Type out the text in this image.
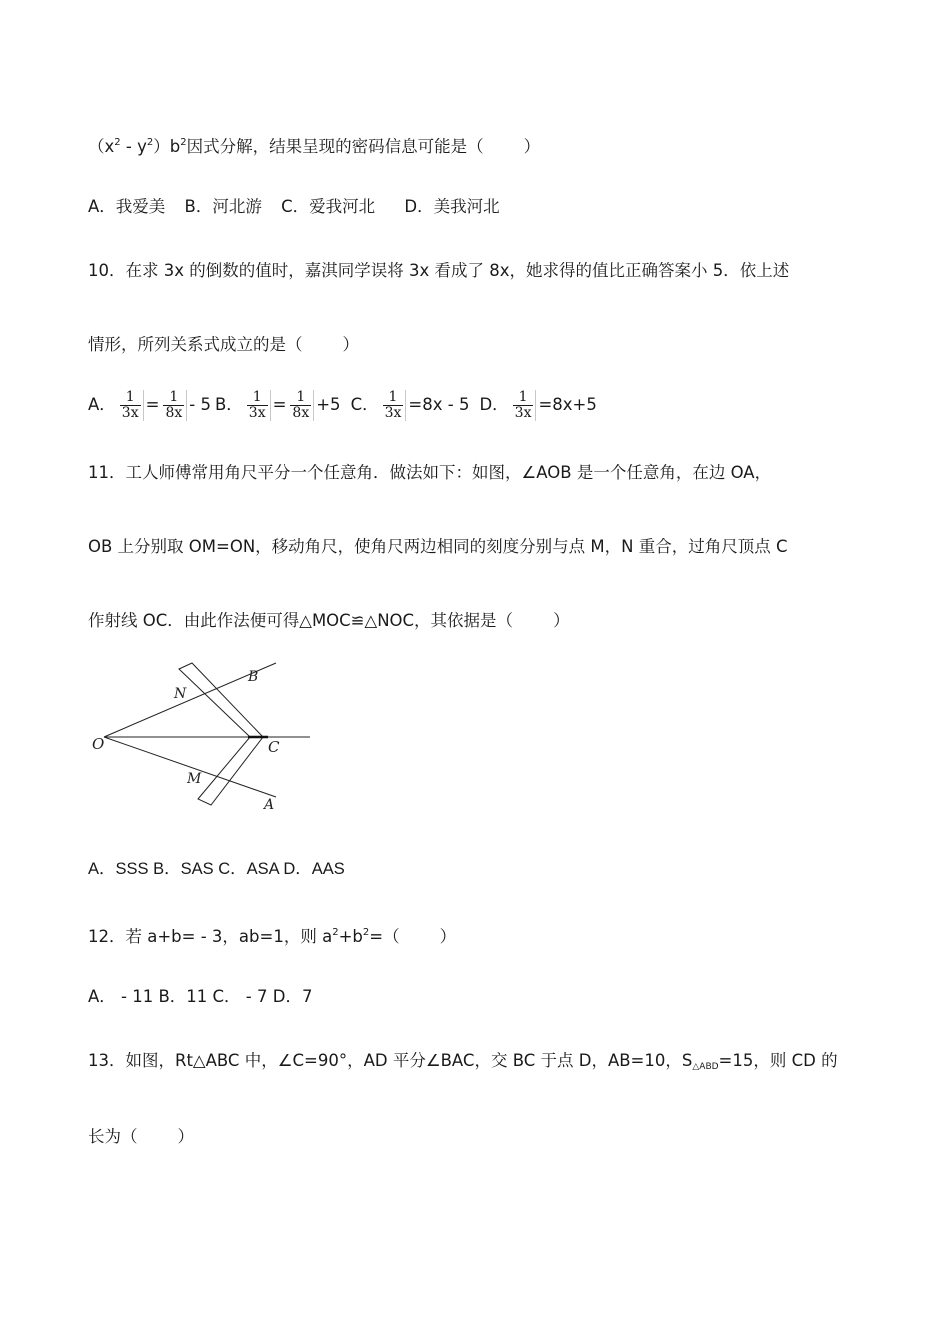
$(x^2 - y^2)b^2$因式分解，结果呈现的密码信息可能是（ ）
A．我爱美 B．河北游 C．爱我河北 D．美我河北
10．在求 3x 的倒数的值时，嘉淇同学误将 3x 看成了 8x，她求得的值比正确答案小 5．依上述
情形，所列关系式成立的是（ ）
A． $\frac{1}{3x} = \frac{1}{8x} - 5$ B． $\frac{1}{3x} = \frac{1}{8x} +5$ C． $\frac{1}{3x} =8x - 5$ D． $\frac{1}{3x} =8x+5$
11．工人师傅常用角尺平分一个任意角．做法如下：如图，∠AOB 是一个任意角，在边 OA，
OB 上分别取 OM=ON，移动角尺，使角尺两边相同的刻度分别与点 M，N 重合，过角尺顶点 C
作射线 OC．由此作法便可得△MOC≌△NOC，其依据是（ ）
O
B
N
C
M
A
A．SSS B．SAS C．ASA D．AAS
12．若 a+b= - 3，ab=1，则 $a^2+b^2=$（ ）
A． - 11 B．11 C． - 7 D．7
13．如图，Rt△ABC 中，∠C=90°，AD 平分∠BAC，交 BC 于点 D，AB=10，$S_{\triangle ABD}=15$，则 CD 的
长为（ ）
